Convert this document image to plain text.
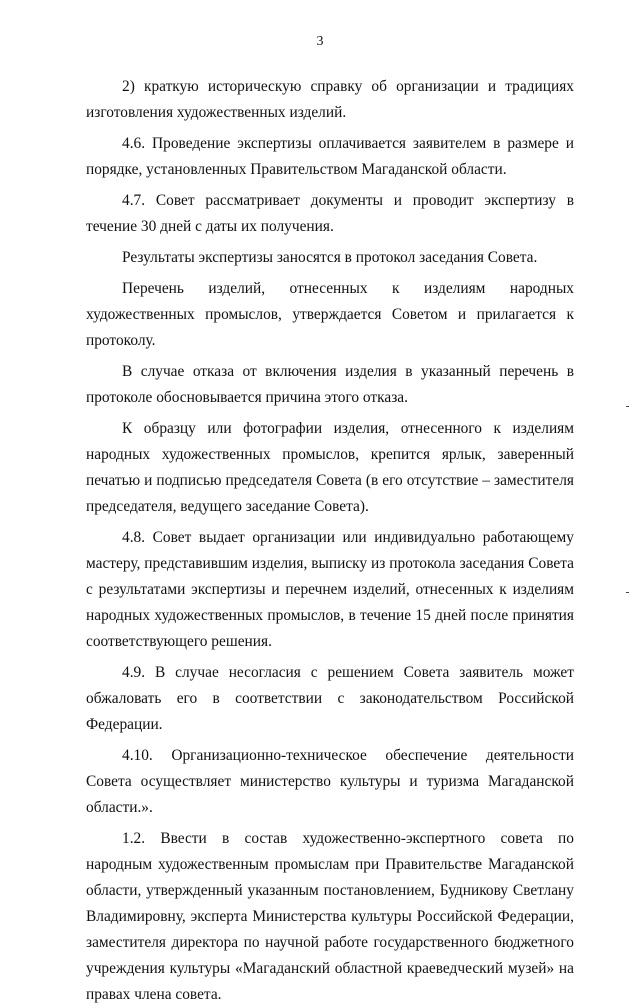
3

2) краткую историческую справку об организации и традициях изготовления художественных изделий.

4.6. Проведение экспертизы оплачивается заявителем в размере и порядке, установленных Правительством Магаданской области.

4.7. Совет рассматривает документы и проводит экспертизу в течение 30 дней с даты их получения.

Результаты экспертизы заносятся в протокол заседания Совета.

Перечень изделий, отнесенных к изделиям народных художественных промыслов, утверждается Советом и прилагается к протоколу.

В случае отказа от включения изделия в указанный перечень в протоколе обосновывается причина этого отказа.

К образцу или фотографии изделия, отнесенного к изделиям народных художественных промыслов, крепится ярлык, заверенный печатью и подписью председателя Совета (в его отсутствие – заместителя председателя, ведущего заседание Совета).

4.8. Совет выдает организации или индивидуально работающему мастеру, представившим изделия, выписку из протокола заседания Совета с результатами экспертизы и перечнем изделий, отнесенных к изделиям народных художественных промыслов, в течение 15 дней после принятия соответствующего решения.

4.9. В случае несогласия с решением Совета заявитель может обжаловать его в соответствии с законодательством Российской Федерации.

4.10. Организационно-техническое обеспечение деятельности Совета осуществляет министерство культуры и туризма Магаданской области.».

1.2. Ввести в состав художественно-экспертного совета по народным художественным промыслам при Правительстве Магаданской области, утвержденный указанным постановлением, Будникову Светлану Владимировну, эксперта Министерства культуры Российской Федерации, заместителя директора по научной работе государственного бюджетного учреждения культуры «Магаданский областной краеведческий музей» на правах члена совета.
